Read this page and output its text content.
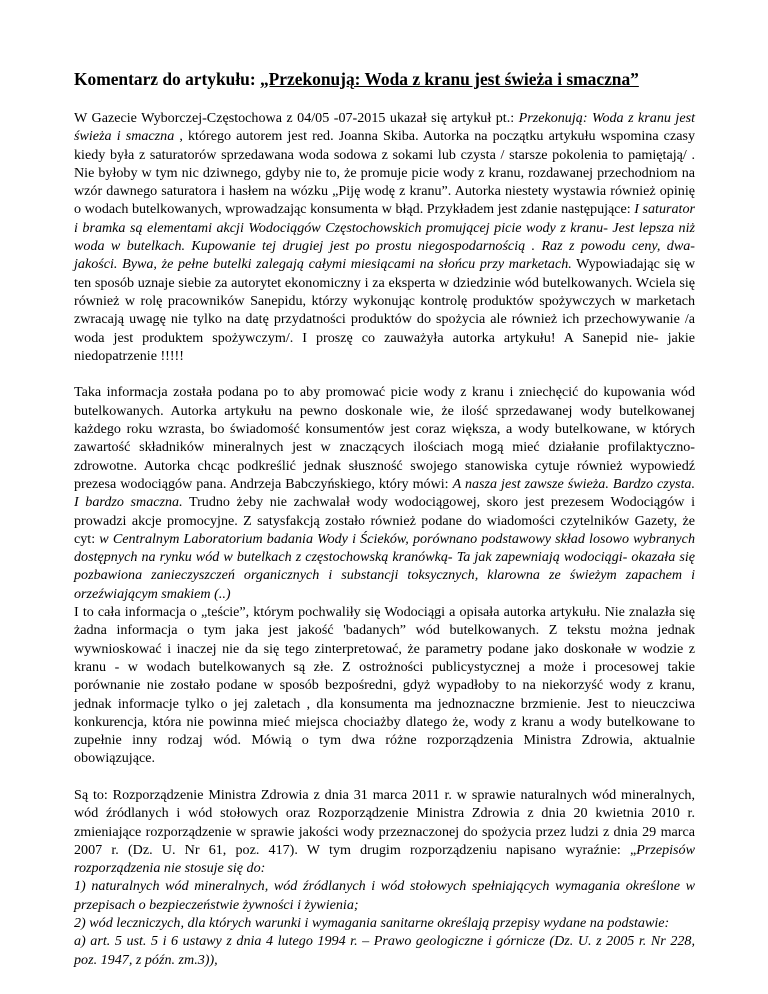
Komentarz do artykułu: „Przekonują: Woda z kranu jest świeża i smaczna”

W Gazecie Wyborczej-Częstochowa z 04/05 -07-2015 ukazał się artykuł pt.: Przekonują: Woda z kranu jest świeża i smaczna , którego autorem jest red. Joanna Skiba. Autorka na początku artykułu wspomina czasy kiedy była z saturatorów sprzedawana woda sodowa z sokami lub czysta / starsze pokolenia to pamiętają/ . Nie byłoby w tym nic dziwnego, gdyby nie to, że promuje picie wody z kranu, rozdawanej przechodniom na wzór dawnego saturatora i hasłem na wózku „Piję wodę z kranu”. Autorka niestety wystawia również opinię o wodach butelkowanych, wprowadzając konsumenta w błąd. Przykładem jest zdanie następujące: I saturator i bramka są elementami akcji Wodociągów Częstochowskich promującej picie wody z kranu- Jest lepsza niż woda w butelkach. Kupowanie tej drugiej jest po prostu niegospodarnością . Raz z powodu ceny, dwa-jakości. Bywa, że pełne butelki zalegają całymi miesiącami na słońcu przy marketach. Wypowiadając się w ten sposób uznaje siebie za autorytet ekonomiczny i za eksperta w dziedzinie wód butelkowanych. Wciela się również w rolę pracowników Sanepidu, którzy wykonując kontrolę produktów spożywczych w marketach zwracają uwagę nie tylko na datę przydatności produktów do spożycia ale również ich przechowywanie /a woda jest produktem spożywczym/. I proszę co zauważyła autorka artykułu! A Sanepid nie- jakie niedopatrzenie !!!!!

Taka informacja została podana po to aby promować picie wody z kranu i zniechęcić do kupowania wód butelkowanych. Autorka artykułu na pewno doskonale wie, że ilość sprzedawanej wody butelkowanej każdego roku wzrasta, bo świadomość konsumentów jest coraz większa, a wody butelkowane, w których zawartość składników mineralnych jest w znaczących ilościach mogą mieć działanie profilaktyczno-zdrowotne. Autorka chcąc podkreślić jednak słuszność swojego stanowiska cytuje również wypowiedź prezesa wodociągów pana. Andrzeja Babczyńskiego, który mówi: A nasza jest zawsze świeża. Bardzo czysta. I bardzo smaczna. Trudno żeby nie zachwalał wody wodociągowej, skoro jest prezesem Wodociągów i prowadzi akcje promocyjne. Z satysfakcją zostało również podane do wiadomości czytelników Gazety, że cyt: w Centralnym Laboratorium badania Wody i Ścieków, porównano podstawowy skład losowo wybranych dostępnych na rynku wód w butelkach z częstochowską kranówką- Ta jak zapewniają wodociągi- okazała się pozbawiona zanieczyszczeń organicznych i substancji toksycznych, klarowna ze świeżym zapachem i orzeźwiającym smakiem (..)

I to cała informacja o „teście”, którym pochwaliły się Wodociągi a opisała autorka artykułu. Nie znalazła się żadna informacja o tym jaka jest jakość 'badanych” wód butelkowanych. Z tekstu można jednak wywnioskować i inaczej nie da się tego zinterpretować, że parametry podane jako doskonałe w wodzie z kranu - w wodach butelkowanych są złe. Z ostrożności publicystycznej a może i procesowej takie porównanie nie zostało podane w sposób bezpośredni, gdyż wypadłoby to na niekorzyść wody z kranu, jednak informacje tylko o jej zaletach , dla konsumenta ma jednoznaczne brzmienie. Jest to nieuczciwa konkurencja, która nie powinna mieć miejsca chociażby dlatego że, wody z kranu a wody butelkowane to zupełnie inny rodzaj wód. Mówią o tym dwa różne rozporządzenia Ministra Zdrowia, aktualnie obowiązujące.

Są to: Rozporządzenie Ministra Zdrowia z dnia 31 marca 2011 r. w sprawie naturalnych wód mineralnych, wód źródlanych i wód stołowych oraz Rozporządzenie Ministra Zdrowia z dnia 20 kwietnia 2010 r. zmieniające rozporządzenie w sprawie jakości wody przeznaczonej do spożycia przez ludzi z dnia 29 marca 2007 r. (Dz. U. Nr 61, poz. 417). W tym drugim rozporządzeniu napisano wyraźnie: „Przepisów rozporządzenia nie stosuje się do:

1) naturalnych wód mineralnych, wód źródlanych i wód stołowych spełniających wymagania określone w przepisach o bezpieczeństwie żywności i żywienia;
2) wód leczniczych, dla których warunki i wymagania sanitarne określają przepisy wydane na podstawie:
a) art. 5 ust. 5 i 6 ustawy z dnia 4 lutego 1994 r. – Prawo geologiczne i górnicze (Dz. U. z 2005 r. Nr 228, poz. 1947, z późn. zm.3)),
